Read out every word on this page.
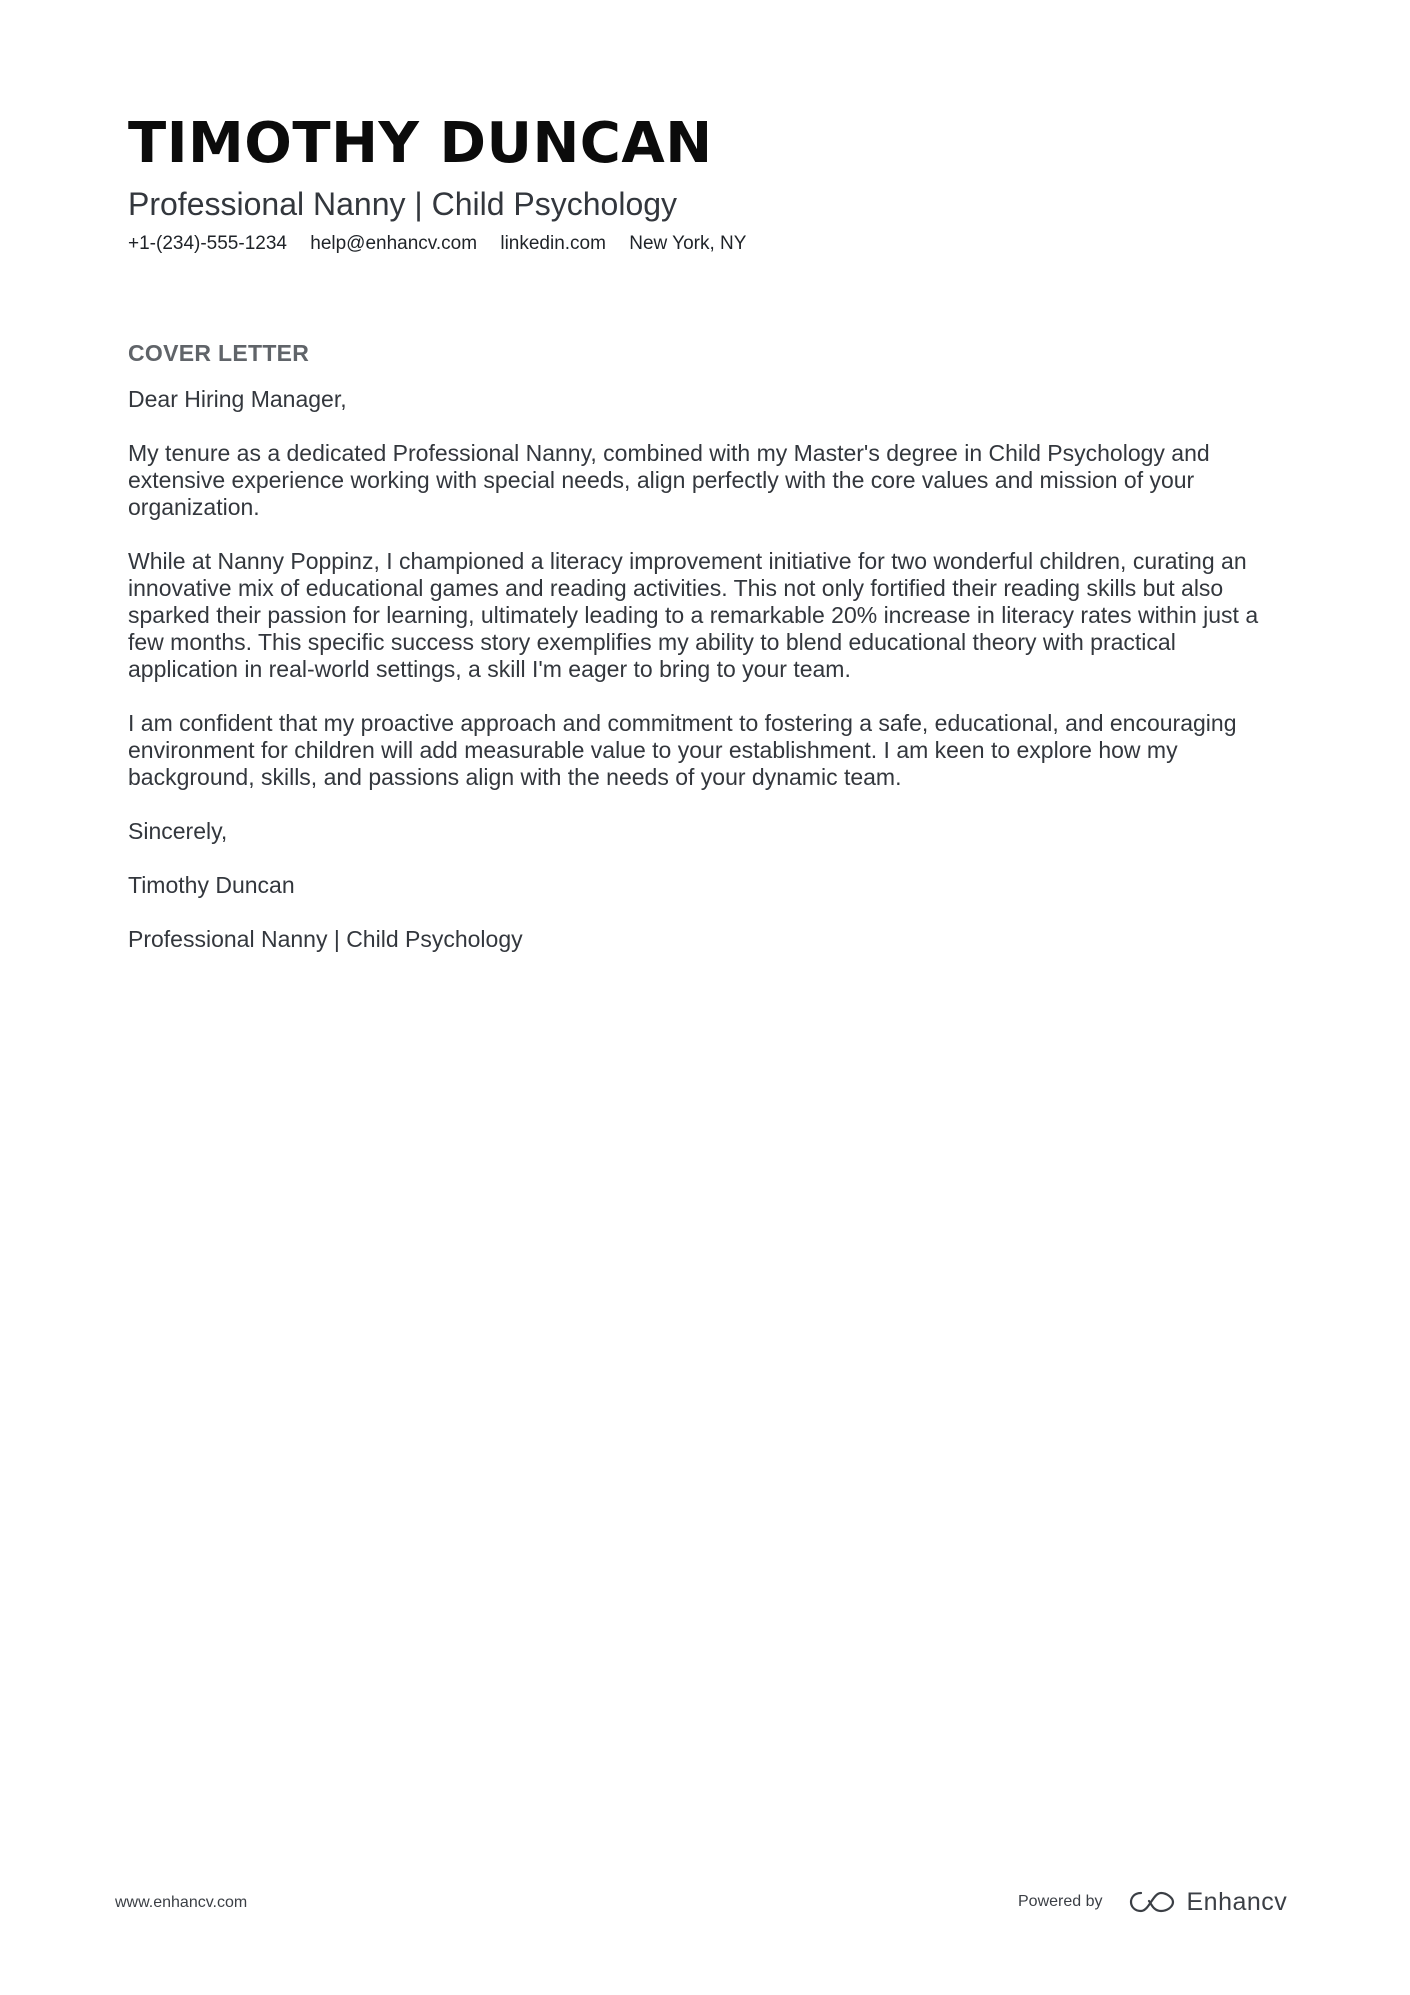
TIMOTHY DUNCAN
Professional Nanny | Child Psychology
+1-(234)-555-1234 help@enhancv.com linkedin.com New York, NY
COVER LETTER

Dear Hiring Manager,

My tenure as a dedicated Professional Nanny, combined with my Master's degree in Child Psychology and extensive experience working with special needs, align perfectly with the core values and mission of your organization.

While at Nanny Poppinz, I championed a literacy improvement initiative for two wonderful children, curating an innovative mix of educational games and reading activities. This not only fortified their reading skills but also sparked their passion for learning, ultimately leading to a remarkable 20% increase in literacy rates within just a few months. This specific success story exemplifies my ability to blend educational theory with practical application in real-world settings, a skill I'm eager to bring to your team.

I am confident that my proactive approach and commitment to fostering a safe, educational, and encouraging environment for children will add measurable value to your establishment. I am keen to explore how my background, skills, and passions align with the needs of your dynamic team.

Sincerely,

Timothy Duncan

Professional Nanny | Child Psychology

www.enhancv.com	Powered by	Enhancv
